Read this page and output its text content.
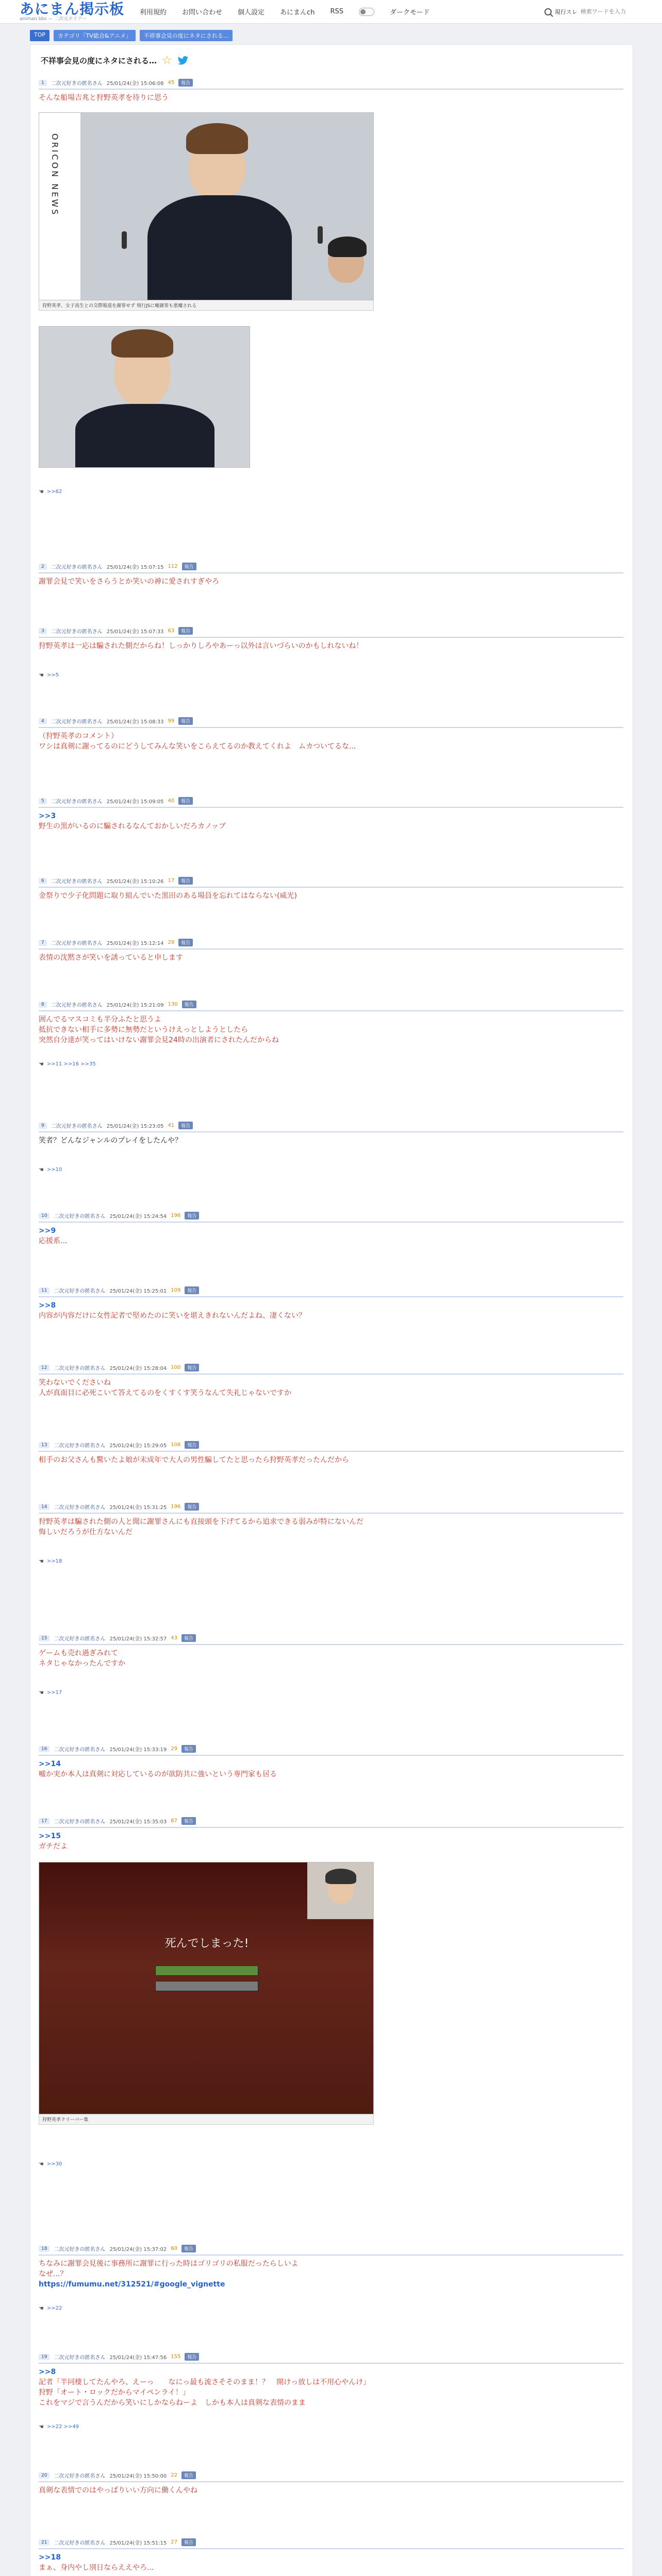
あにまん掲示板
animan bbs — 二次元ポリアー
利用規約 お問い合わせ 個人設定 あにまんch RSS	ダークモード	現行スレ
検索ワードを入力
TOP	カテゴリ「TV総合&アニメ」	不祥事会見の度にネタにされる...
不祥事会見の度にネタにされる… ☆
1	二次元好きの匿名さん 25/01/24(金) 15:06:08 45	報告
そんな船場吉兆と狩野英孝を待りに思う
ORICON NEWS
狩野英孝、女子高生との交際報道を謝罪せず 現行JSに嘘謝罪も悪魔される
☚ >>62
2	二次元好きの匿名さん 25/01/24(金) 15:07:15 112	報告
謝罪会見で笑いをさらうとか笑いの神に愛されすぎやろ
3	二次元好きの匿名さん 25/01/24(金) 15:07:33 63	報告
狩野英孝は一応は騙された側だからね！しっかりしろやあーっ以外は言いづらいのかもしれないね！
☚ >>5
4	二次元好きの匿名さん 25/01/24(金) 15:08:33 99	報告
（狩野英孝のコメント）
ワシは真剣に謝ってるのにどうしてみんな笑いをこらえてるのか教えてくれよ　ムカついてるな...
5	二次元好きの匿名さん 25/01/24(金) 15:09:05 40	報告
>>3
野生の黒がいるのに騙されるなんておかしいだろカノッブ
6	二次元好きの匿名さん 25/01/24(金) 15:10:26 17	報告
金祭りで少子化問題に取り組んでいた黒田のある場員を忘れてはならない(威光)
7	二次元好きの匿名さん 25/01/24(金) 15:12:14 29	報告
表情の沈黙さが笑いを誘っていると申します
8	二次元好きの匿名さん 25/01/24(金) 15:21:09 130	報告
囲んでるマスコミも半分ふたと思うよ
抵抗できない相手に多勢に無勢だというけえっとしようとしたら
突然自分達が笑ってはいけない謝罪会見24時の出演者にされたんだからね
☚ >>11 >>16 >>35
9	二次元好きの匿名さん 25/01/24(金) 15:23:05 41	報告
笑者？どんなジャンルのプレイをしたんや？
☚ >>10
10	二次元好きの匿名さん 25/01/24(金) 15:24:54 196	報告
>>9
応援系...
11	二次元好きの匿名さん 25/01/24(金) 15:25:01 109	報告
>>8
内容が内容だけに女性記者で堅めたのに笑いを堪えきれないんだよね、凄くない？
12	二次元好きの匿名さん 25/01/24(金) 15:28:04 100	報告
笑わないでくださいね
人が真面目に必死こいて答えてるのをくすくす笑うなんて失礼じゃないですか
13	二次元好きの匿名さん 25/01/24(金) 15:29:05 108	報告
相手のお父さんも驚いたよ娘が未成年で大人の男性騙してたと思ったら狩野英孝だったんだから
14	二次元好きの匿名さん 25/01/24(金) 15:31:25 196	報告
狩野英孝は騙された側の人と聞に謝罪さんにも直接頭を下げてるから追求できる弱みが特にないんだ
悔しいだろうが仕方ないんだ
☚ >>18
15	二次元好きの匿名さん 25/01/24(金) 15:32:57 43	報告
ゲームも売れ過ぎみれて
ネタじゃなかったんですか
☚ >>17
16	二次元好きの匿名さん 25/01/24(金) 15:33:19 29	報告
>>14
嘘か実か本人は真剣に対応しているのが欲防共に強いという専門家も居る
17	二次元好きの匿名さん 25/01/24(金) 15:35:03 87	報告
>>15
ガチだよ
死んでしまった!
狩野英孝クリーパー集
☚ >>30
18	二次元好きの匿名さん 25/01/24(金) 15:37:02 60	報告
ちなみに謝罪会見後に事務所に謝罪に行った時はゴリゴリの私服だったらしいよ
なぜ...？
https://fumumu.net/312521/#google_vignette
☚ >>22
19	二次元好きの匿名さん 25/01/24(金) 15:47:56 155	報告
>>8
記者「半同棲してたんやろ、えーっ　　なにっ最も流さそそのまま！？　開けっ放しは不用心やんけ」
狩野「オート・ロックだからマイペンライ！」
これをマジで言うんだから笑いにしかならねーよ　しかも本人は真剣な表情のまま
☚ >>22 >>49
20	二次元好きの匿名さん 25/01/24(金) 15:50:00 22	報告
真剣な表情でのはやっぱりいい方向に働くんやね
21	二次元好きの匿名さん 25/01/24(金) 15:51:15 27	報告
>>18
まぁ、身内やし別日ならええやろ...
